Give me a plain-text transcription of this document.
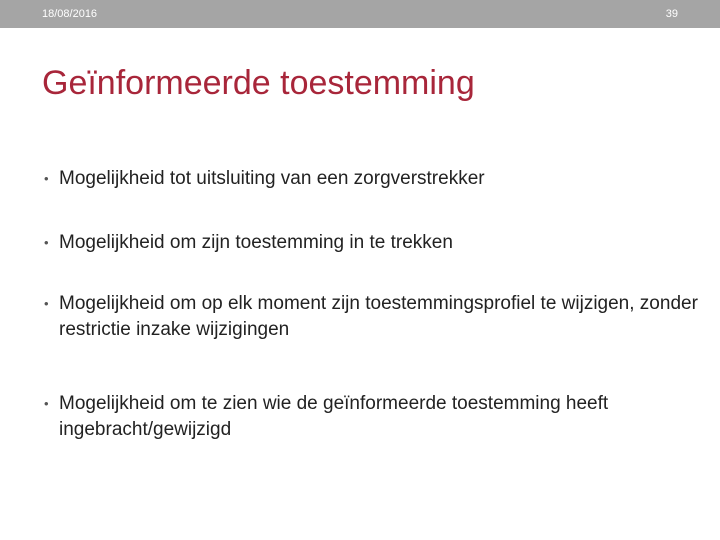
18/08/2016	39
Geïnformeerde toestemming
• Mogelijkheid tot uitsluiting van een zorgverstrekker
• Mogelijkheid om zijn toestemming in te trekken
• Mogelijkheid om op elk moment zijn toestemmingsprofiel te wijzigen, zonder restrictie inzake wijzigingen
• Mogelijkheid om te zien wie de geïnformeerde toestemming heeft ingebracht/gewijzigd
